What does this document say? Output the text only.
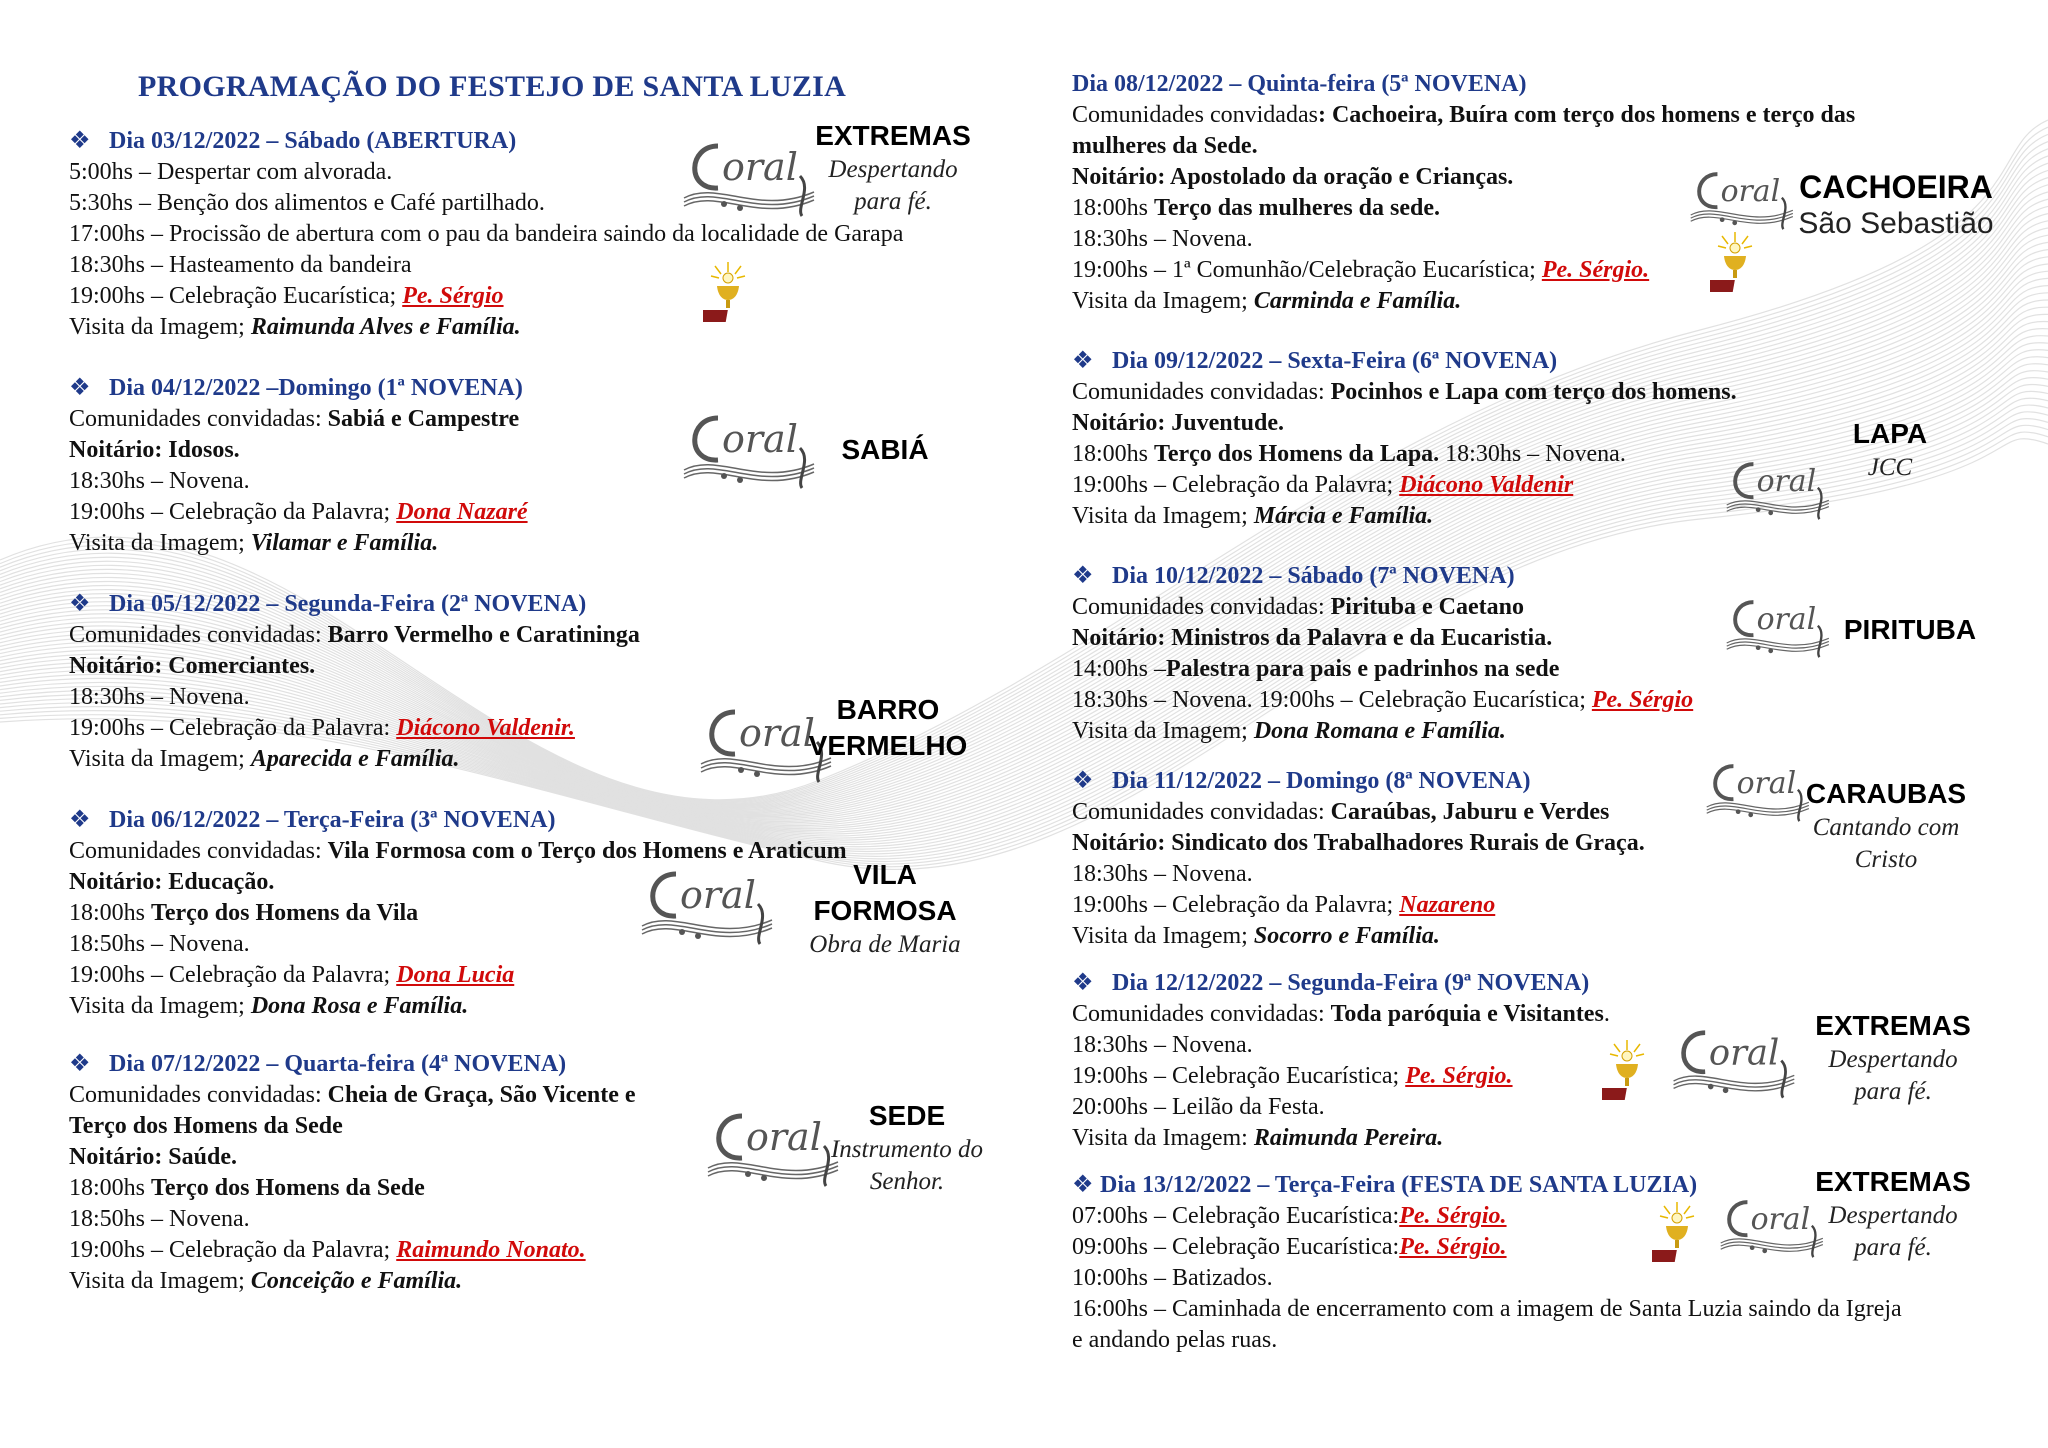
PROGRAMAÇÃO DO FESTEJO DE SANTA LUZIA
❖ Dia 03/12/2022 – Sábado (ABERTURA)
5:00hs – Despertar com alvorada.
5:30hs – Benção dos alimentos e Café partilhado.
17:00hs – Procissão de abertura com o pau da bandeira saindo da localidade de Garapa
18:30hs – Hasteamento da bandeira
19:00hs – Celebração Eucarística; Pe. Sérgio
Visita da Imagem; Raimunda Alves e Família.
❖ Dia 04/12/2022 –Domingo (1ª NOVENA)
Comunidades convidadas: Sabiá e Campestre
Noitário: Idosos.
18:30hs – Novena.
19:00hs – Celebração da Palavra; Dona Nazaré
Visita da Imagem; Vilamar e Família.
❖ Dia 05/12/2022 – Segunda-Feira (2ª NOVENA)
Comunidades convidadas: Barro Vermelho e Caratininga
Noitário: Comerciantes.
18:30hs – Novena.
19:00hs – Celebração da Palavra: Diácono Valdenir.
Visita da Imagem; Aparecida e Família.
❖ Dia 06/12/2022 – Terça-Feira (3ª NOVENA)
Comunidades convidadas: Vila Formosa com o Terço dos Homens e Araticum
Noitário: Educação.
18:00hs Terço dos Homens da Vila
18:50hs – Novena.
19:00hs – Celebração da Palavra; Dona Lucia
Visita da Imagem; Dona Rosa e Família.
❖ Dia 07/12/2022 – Quarta-feira (4ª NOVENA)
Comunidades convidadas: Cheia de Graça, São Vicente e
Terço dos Homens da Sede
Noitário: Saúde.
18:00hs Terço dos Homens da Sede
18:50hs – Novena.
19:00hs – Celebração da Palavra; Raimundo Nonato.
Visita da Imagem; Conceição e Família.
Dia 08/12/2022 – Quinta-feira (5ª NOVENA)
Comunidades convidadas: Cachoeira, Buíra com terço dos homens e terço das
mulheres da Sede.
Noitário: Apostolado da oração e Crianças.
18:00hs Terço das mulheres da sede.
18:30hs – Novena.
19:00hs – 1ª Comunhão/Celebração Eucarística; Pe. Sérgio.
Visita da Imagem; Carminda e Família.
❖ Dia 09/12/2022 – Sexta-Feira (6ª NOVENA)
Comunidades convidadas: Pocinhos e Lapa com terço dos homens.
Noitário: Juventude.
18:00hs Terço dos Homens da Lapa. 18:30hs – Novena.
19:00hs – Celebração da Palavra; Diácono Valdenir
Visita da Imagem; Márcia e Família.
❖ Dia 10/12/2022 – Sábado (7ª NOVENA)
Comunidades convidadas: Pirituba e Caetano
Noitário: Ministros da Palavra e da Eucaristia.
14:00hs –Palestra para pais e padrinhos na sede
18:30hs – Novena. 19:00hs – Celebração Eucarística; Pe. Sérgio
Visita da Imagem; Dona Romana e Família.
❖ Dia 11/12/2022 – Domingo (8ª NOVENA)
Comunidades convidadas: Caraúbas, Jaburu e Verdes
Noitário: Sindicato dos Trabalhadores Rurais de Graça.
18:30hs – Novena.
19:00hs – Celebração da Palavra; Nazareno
Visita da Imagem; Socorro e Família.
❖ Dia 12/12/2022 – Segunda-Feira (9ª NOVENA)
Comunidades convidadas: Toda paróquia e Visitantes.
18:30hs – Novena.
19:00hs – Celebração Eucarística; Pe. Sérgio.
20:00hs – Leilão da Festa.
Visita da Imagem: Raimunda Pereira.
❖ Dia 13/12/2022 – Terça-Feira (FESTA DE SANTA LUZIA)
07:00hs – Celebração Eucarística:Pe. Sérgio.
09:00hs – Celebração Eucarística:Pe. Sérgio.
10:00hs – Batizados.
16:00hs – Caminhada de encerramento com a imagem de Santa Luzia saindo da Igreja
e andando pelas ruas.
oral
EXTREMAS
Despertando para fé.
oral	SABIÁ
oral
BARRO VERMELHO
oral	VILA FORMOSA
Obra de Maria
oral	SEDE
Instrumento do Senhor.
oral CACHOEIRA
São Sebastião
oral
LAPA
JCC
oral PIRITUBA
oral CARAUBAS
Cantando com Cristo
oral
EXTREMAS
Despertando para fé.
oral
EXTREMAS
Despertando para fé.
